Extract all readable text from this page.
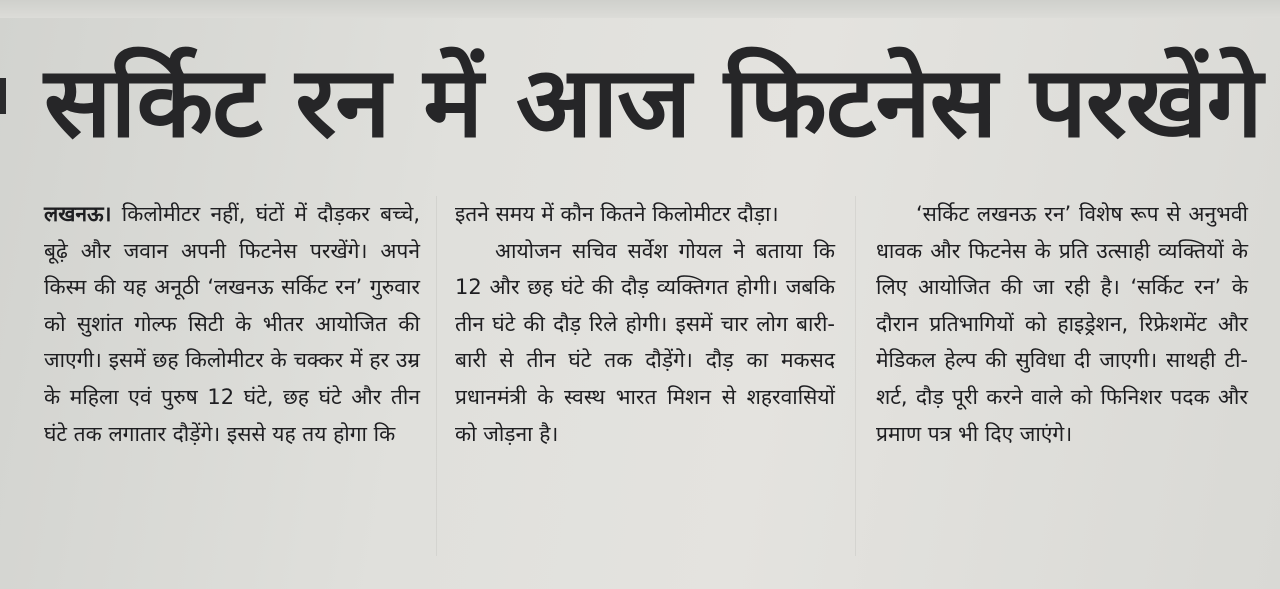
सर्किट रन में आज फिटनेस परखेंगे

लखनऊ। किलोमीटर नहीं, घंटों में दौड़कर बच्चे, बूढ़े और जवान अपनी फिटनेस परखेंगे। अपने किस्म की यह अनूठी ‘लखनऊ सर्किट रन’ गुरुवार को सुशांत गोल्फ सिटी के भीतर आयोजित की जाएगी। इसमें छह किलोमीटर के चक्कर में हर उम्र के महिला एवं पुरुष 12 घंटे, छह घंटे और तीन घंटे तक लगातार दौड़ेंगे। इससे यह तय होगा कि

इतने समय में कौन कितने किलोमीटर दौड़ा।

आयोजन सचिव सर्वेश गोयल ने बताया कि 12 और छह घंटे की दौड़ व्यक्तिगत होगी। जबकि तीन घंटे की दौड़ रिले होगी। इसमें चार लोग बारी-बारी से तीन घंटे तक दौड़ेंगे। दौड़ का मकसद प्रधानमंत्री के स्वस्थ भारत मिशन से शहरवासियों को जोड़ना है।

‘सर्किट लखनऊ रन’ विशेष रूप से अनुभवी धावक और फिटनेस के प्रति उत्साही व्यक्तियों के लिए आयोजित की जा रही है। ‘सर्किट रन’ के दौरान प्रतिभागियों को हाइड्रेशन, रिफ्रेशमेंट और मेडिकल हेल्प की सुविधा दी जाएगी। साथही टी-शर्ट, दौड़ पूरी करने वाले को फिनिशर पदक और प्रमाण पत्र भी दिए जाएंगे।
